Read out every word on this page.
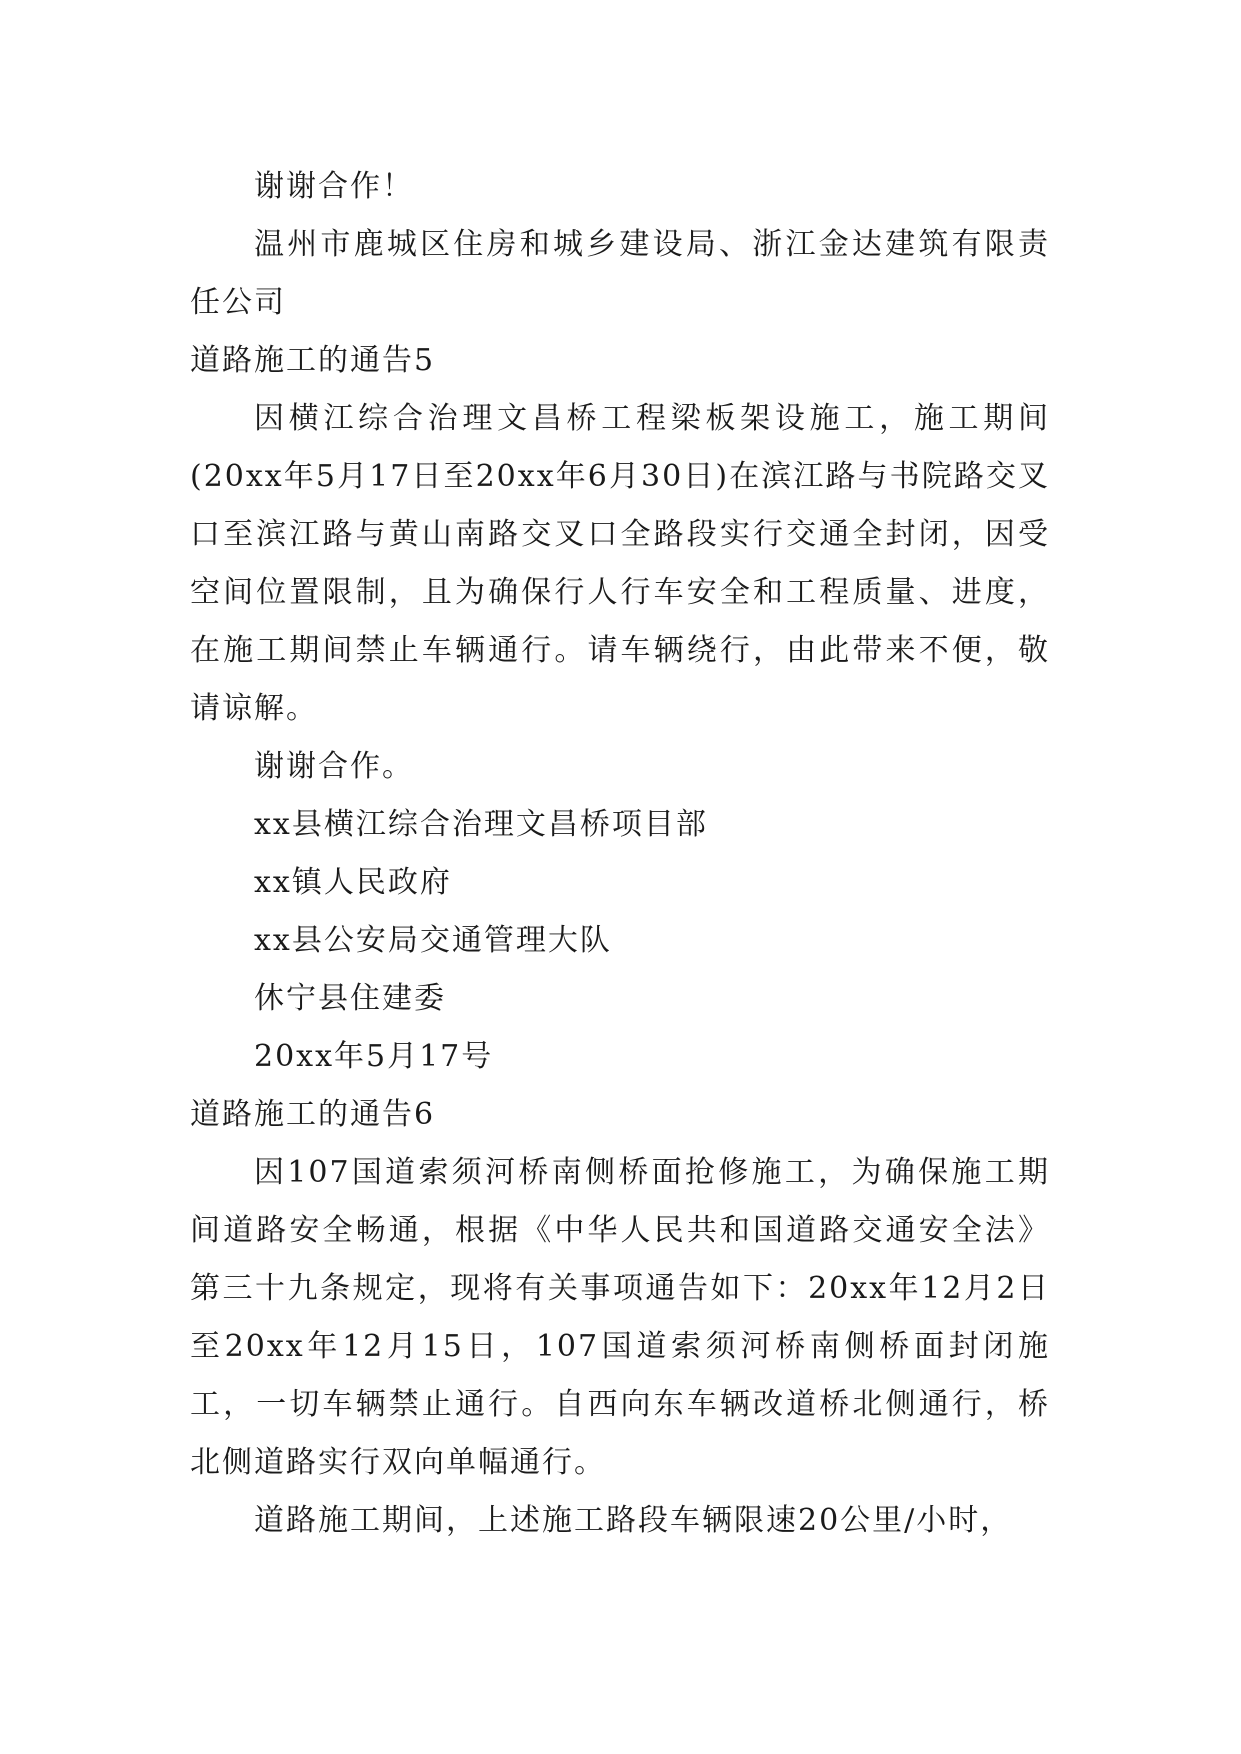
谢谢合作！

温州市鹿城区住房和城乡建设局、浙江金达建筑有限责任公司

道路施工的通告5

因横江综合治理文昌桥工程梁板架设施工，施工期间(20xx年5月17日至20xx年6月30日)在滨江路与书院路交叉口至滨江路与黄山南路交叉口全路段实行交通全封闭，因受空间位置限制，且为确保行人行车安全和工程质量、进度，在施工期间禁止车辆通行。请车辆绕行，由此带来不便，敬请谅解。

谢谢合作。

xx县横江综合治理文昌桥项目部

xx镇人民政府

xx县公安局交通管理大队

休宁县住建委

20xx年5月17号

道路施工的通告6

因107国道索须河桥南侧桥面抢修施工，为确保施工期间道路安全畅通，根据《中华人民共和国道路交通安全法》第三十九条规定，现将有关事项通告如下：20xx年12月2日至20xx年12月15日，107国道索须河桥南侧桥面封闭施工，一切车辆禁止通行。自西向东车辆改道桥北侧通行，桥北侧道路实行双向单幅通行。

道路施工期间，上述施工路段车辆限速20公里/小时，
